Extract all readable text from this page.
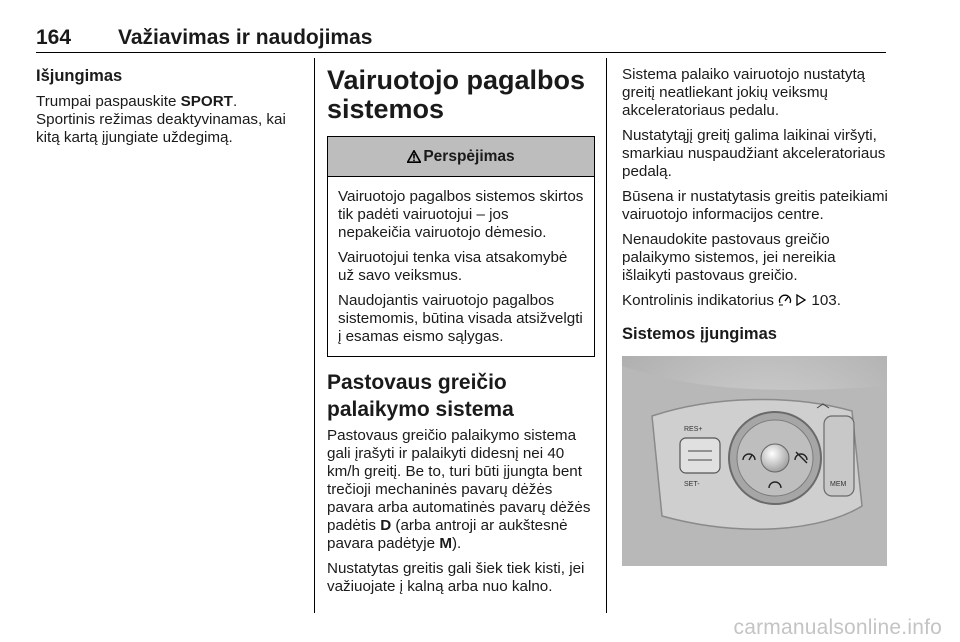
164 Važiavimas ir naudojimas
Išjungimas

Trumpai paspauskite SPORT.
Sportinis režimas deaktyvinamas, kai kitą kartą įjungiate uždegimą.

Vairuotojo pagalbos sistemos
Perspėjimas

Vairuotojo pagalbos sistemos skirtos tik padėti vairuotojui – jos nepakeičia vairuotojo dėmesio.

Vairuotojui tenka visa atsakomybė už savo veiksmus.

Naudojantis vairuotojo pagalbos sistemomis, būtina visada atsižvelgti į esamas eismo sąlygas.

Pastovaus greičio palaikymo sistema

Pastovaus greičio palaikymo sistema gali įrašyti ir palaikyti didesnį nei 40 km/h greitį. Be to, turi būti įjungta bent trečioji mechaninės pavarų dėžės pavara arba automatinės pavarų dėžės padėtis D (arba antroji ar aukštesnė pavara padėtyje M).

Nustatytas greitis gali šiek tiek kisti, jei važiuojate į kalną arba nuo kalno.

Sistema palaiko vairuotojo nustatytą greitį neatliekant jokių veiksmų akceleratoriaus pedalu.

Nustatytąjį greitį galima laikinai viršyti, smarkiau nuspaudžiant akceleratoriaus pedalą.

Būsena ir nustatytasis greitis pateikiami vairuotojo informacijos centre.

Nenaudokite pastovaus greičio palaikymo sistemos, jei nereikia išlaikyti pastovaus greičio.

Kontrolinis indikatorius  103.

Sistemos įjungimas
RES+
SET-	MEM
carmanualsonline.info
